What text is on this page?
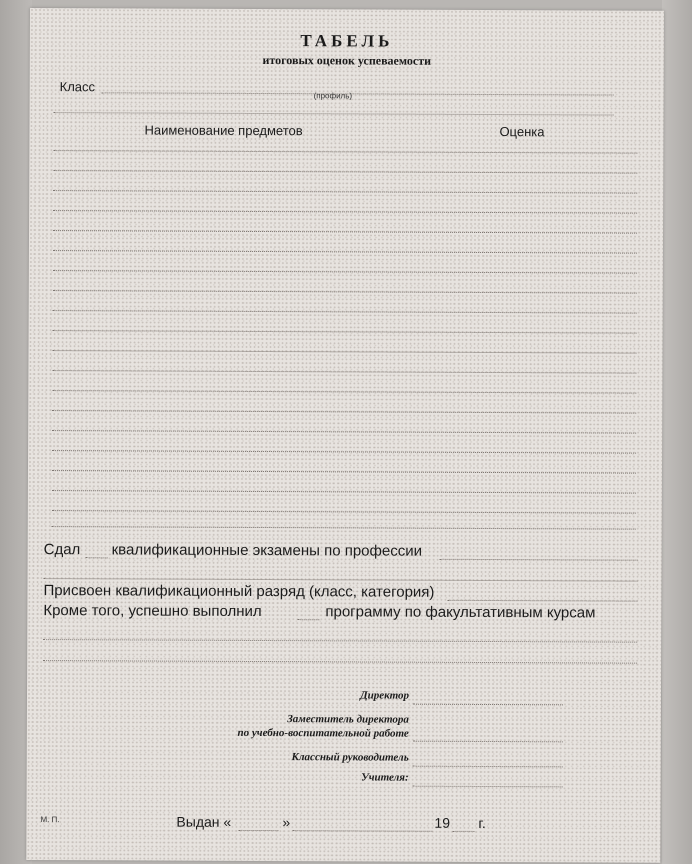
ТАБЕЛЬ
итоговых оценок успеваемости
Класс
(профиль)
Наименование предметов	Оценка
Сдал квалификационные экзамены по профессии
Присвоен квалификационный разряд (класс, категория)
Кроме того, успешно выполнил	программу по факультативным курсам
Директор
Заместитель директора
по учебно-воспитательной работе
Классный руководитель
Учителя:
М. П.	Выдан «	»	19 г.
